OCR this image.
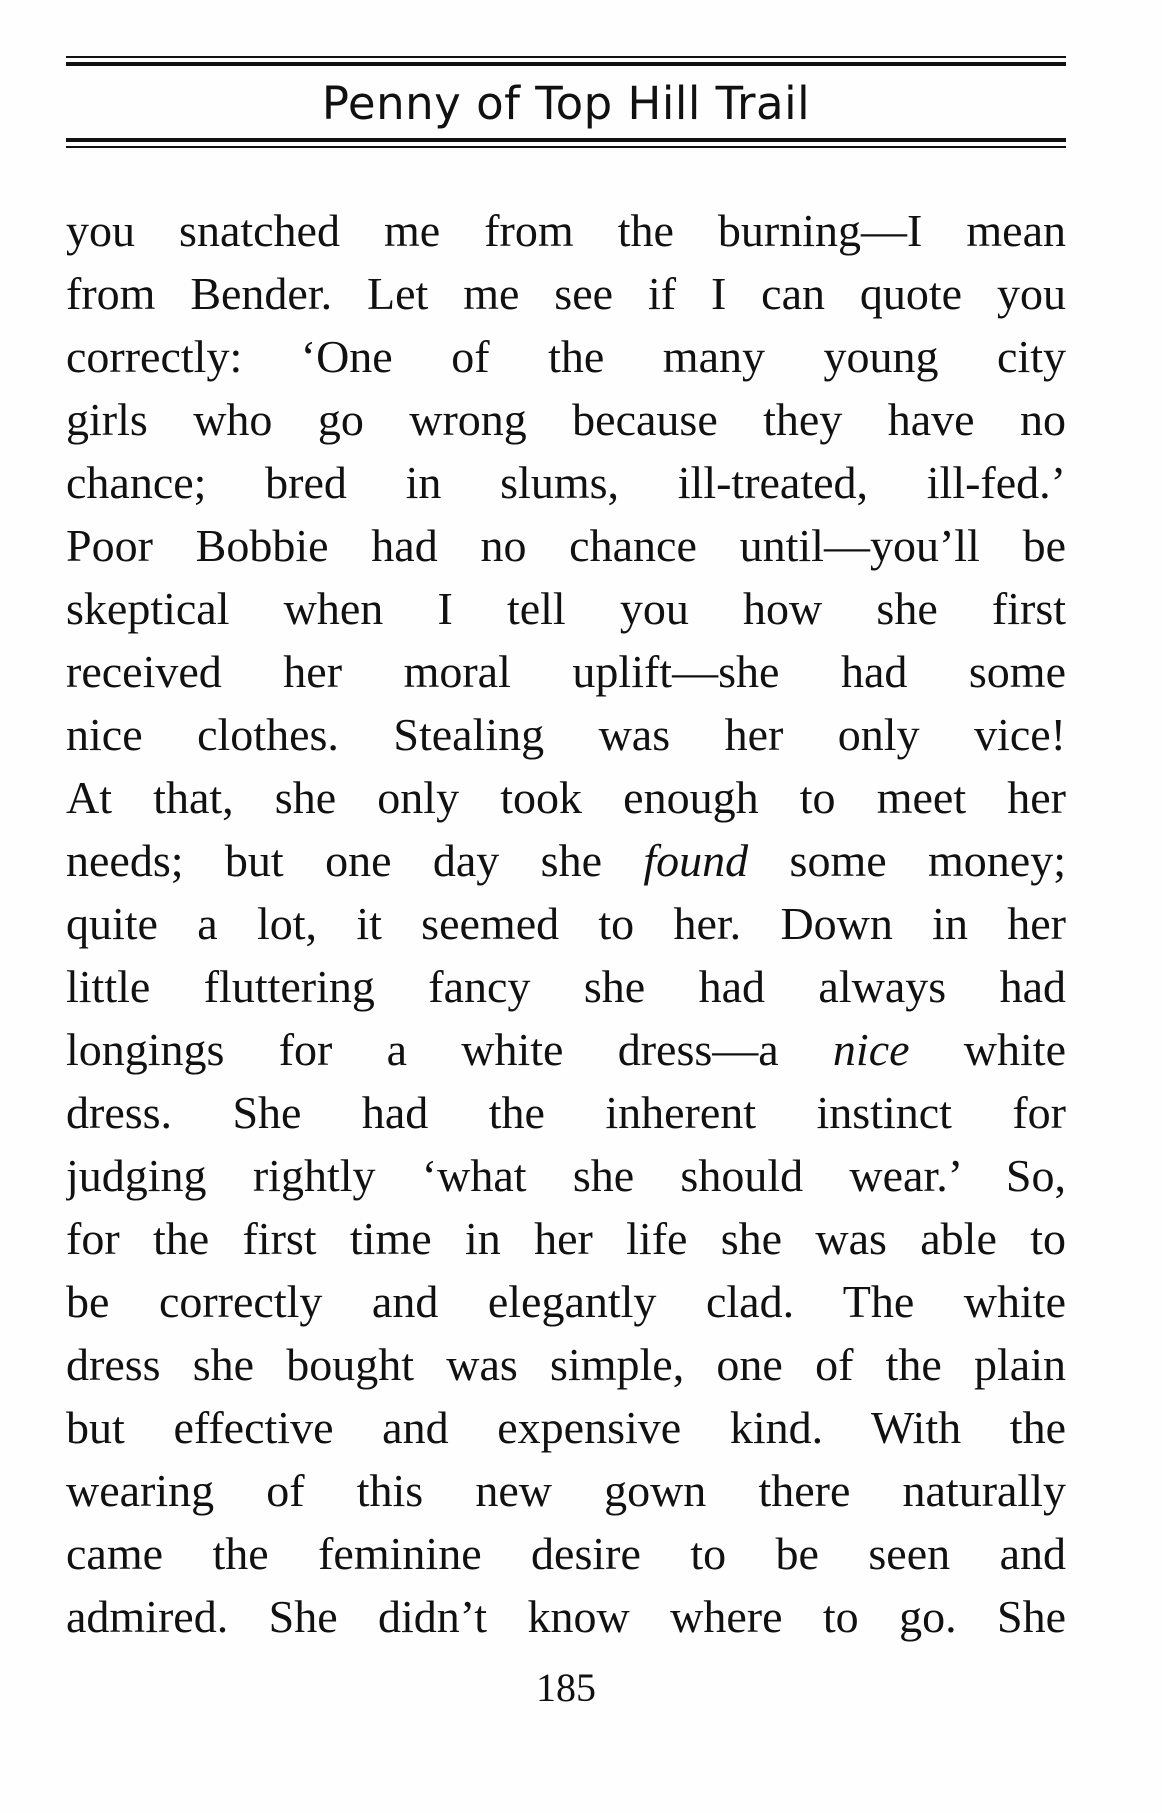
Penny of Top Hill Trail
you snatched me from the burning—I mean
from Bender. Let me see if I can quote you
correctly: ‘One of the many young city
girls who go wrong because they have no
chance; bred in slums, ill-treated, ill-fed.’
Poor Bobbie had no chance until—you’ll be
skeptical when I tell you how she first
received her moral uplift—she had some
nice clothes. Stealing was her only vice!
At that, she only took enough to meet her
needs; but one day she found some money;
quite a lot, it seemed to her. Down in her
little fluttering fancy she had always had
longings for a white dress—a nice white
dress. She had the inherent instinct for
judging rightly ‘what she should wear.’ So,
for the first time in her life she was able to
be correctly and elegantly clad. The white
dress she bought was simple, one of the plain
but effective and expensive kind. With the
wearing of this new gown there naturally
came the feminine desire to be seen and
admired. She didn’t know where to go. She
185
